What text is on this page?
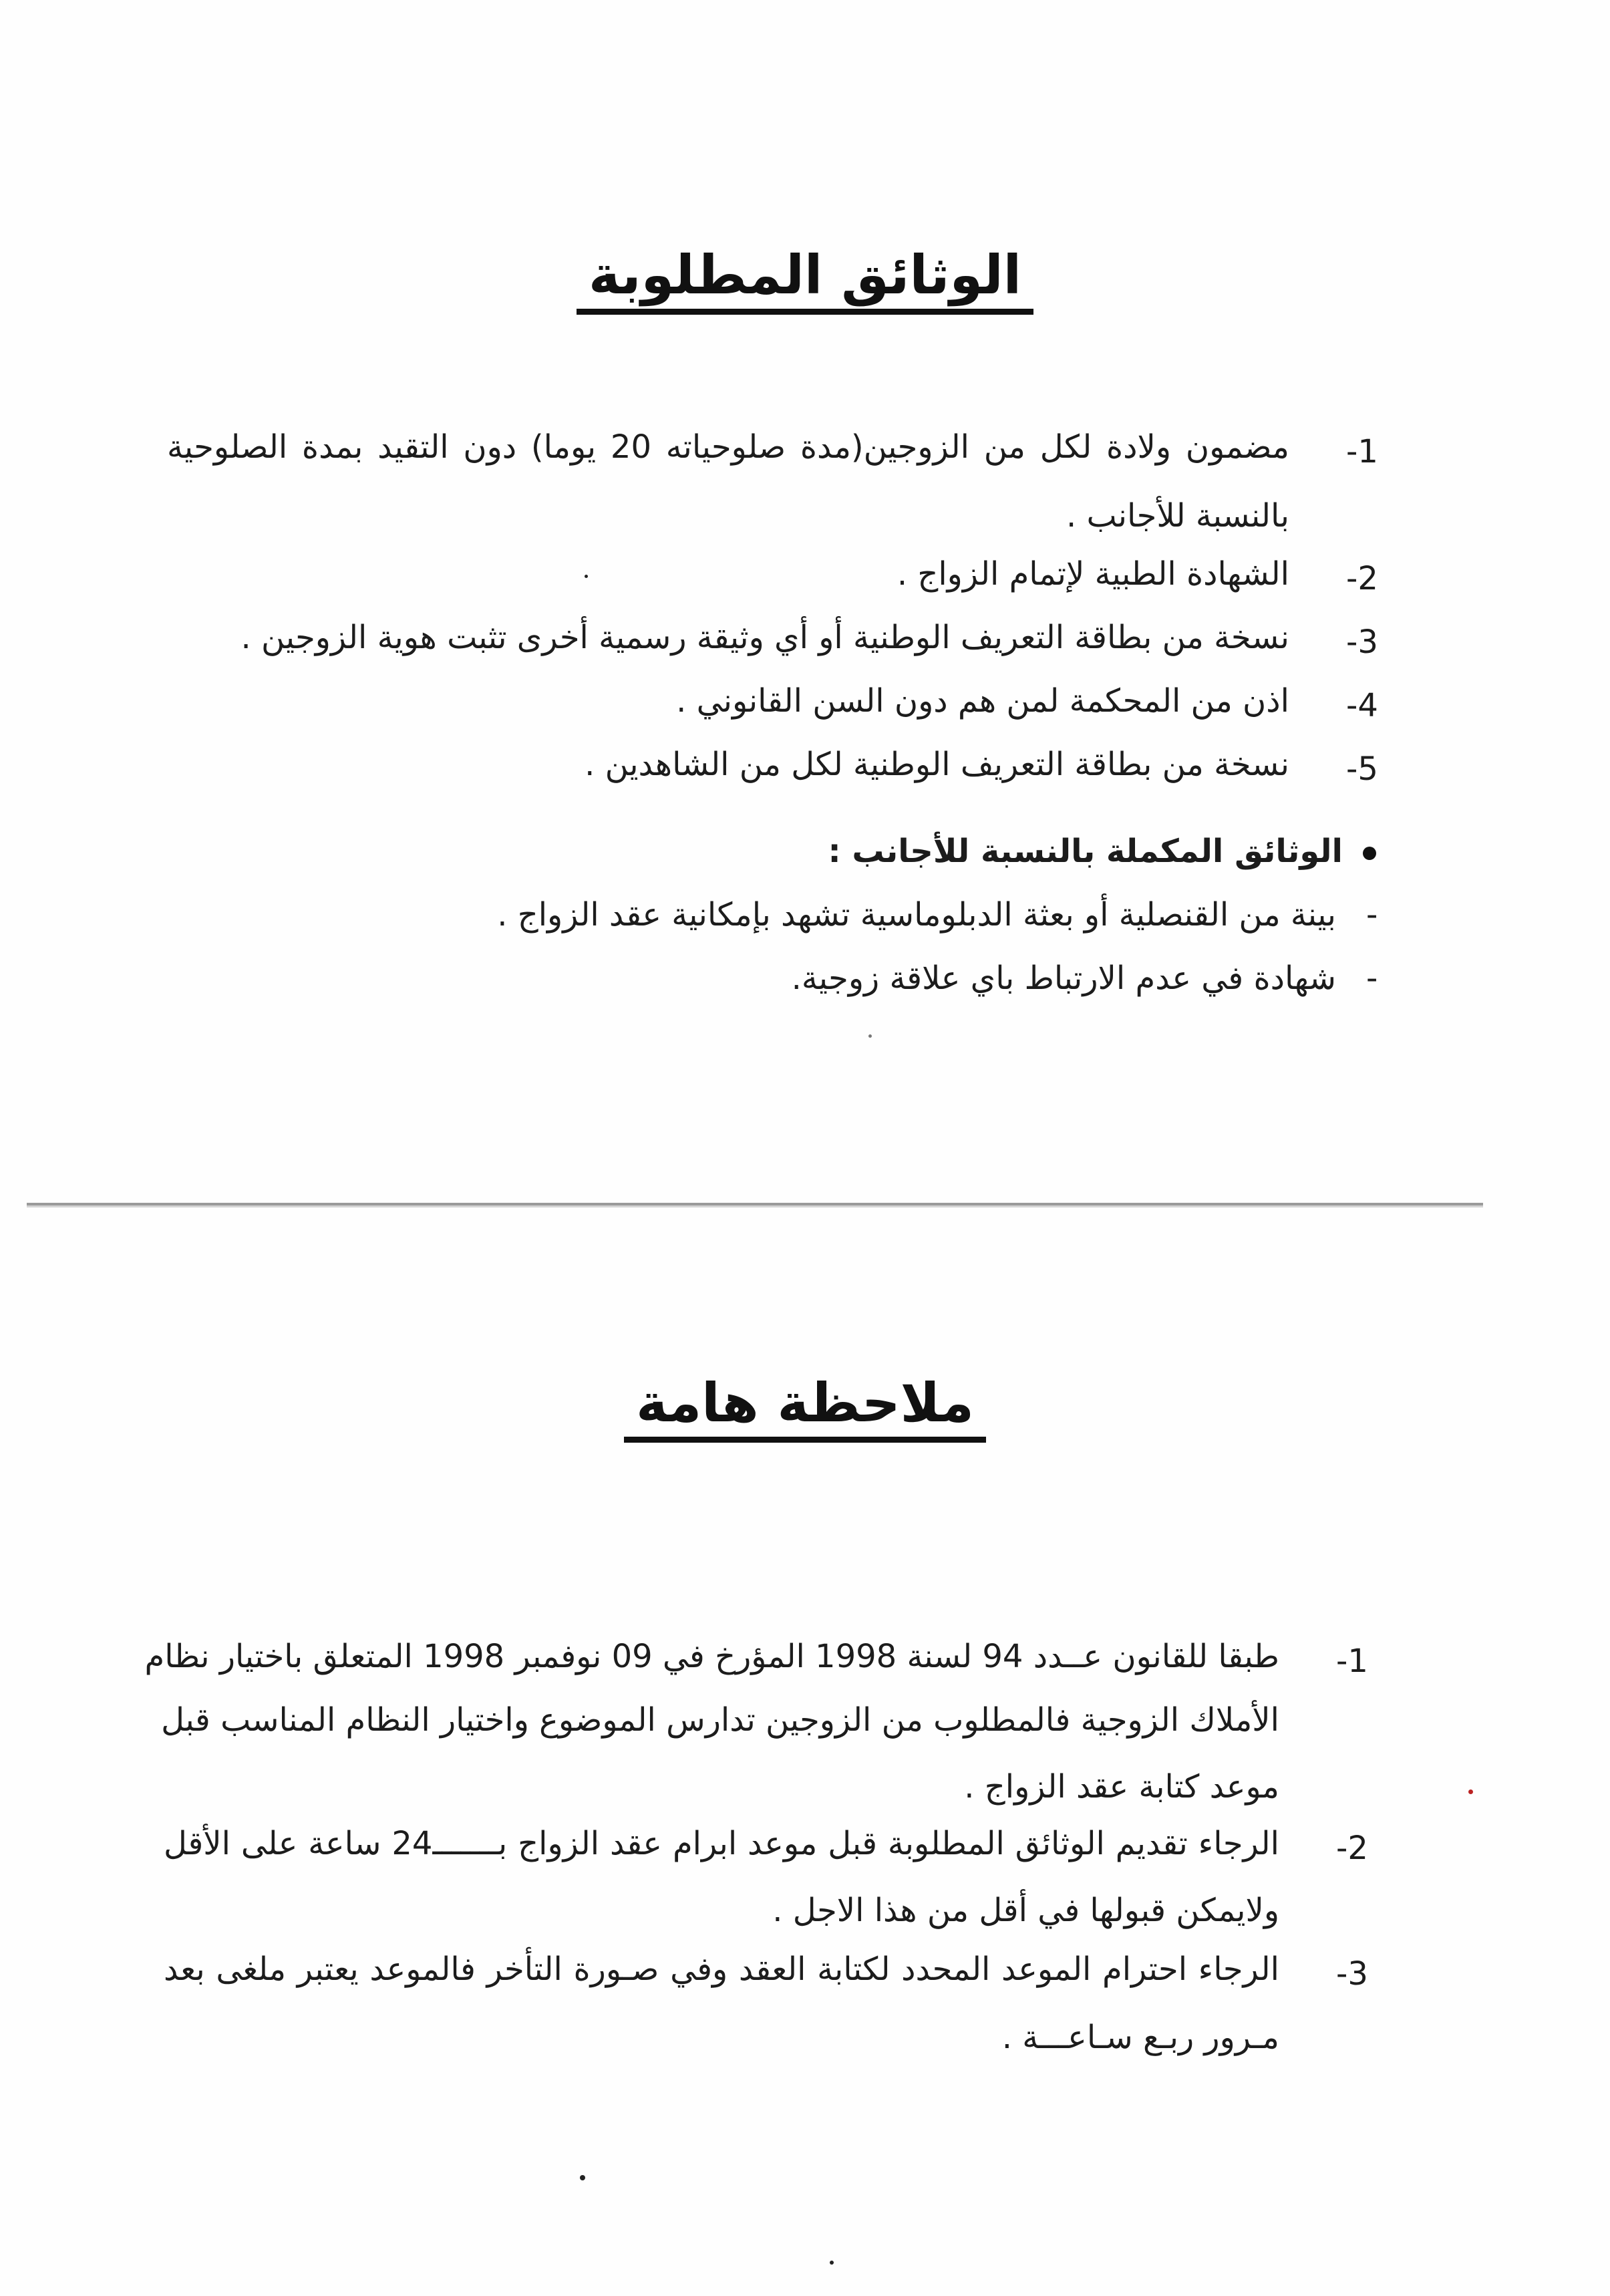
الوثائق المطلوبة
-1
مضمون ولادة لكل من الزوجين(مدة صلوحياته 20 يوما) دون التقيد بمدة الصلوحية
بالنسبة للأجانب .
-2
الشهادة الطبية لإتمام الزواج .
-3
نسخة من بطاقة التعريف الوطنية أو أي وثيقة رسمية أخرى تثبت هوية الزوجين .
-4
اذن من المحكمة لمن هم دون السن القانوني .
-5
نسخة من بطاقة التعريف الوطنية لكل من الشاهدين .
الوثائق المكملة بالنسبة للأجانب :
-
بينة من القنصلية أو بعثة الدبلوماسية تشهد بإمكانية عقد الزواج .
-
شهادة في عدم الارتباط باي علاقة زوجية.
ملاحظة هامة
-1
طبقا للقانون عــدد 94 لسنة 1998 المؤرخ في 09 نوفمبر 1998 المتعلق باختيار نظام
الأملاك الزوجية فالمطلوب من الزوجين تدارس الموضوع واختيار النظام المناسب قبل
موعد كتابة عقد الزواج .
-2
الرجاء تقديم الوثائق المطلوبة قبل موعد ابرام عقد الزواج بـــــــ24 ساعة على الأقل
ولايمكن قبولها في أقل من هذا الاجل .
-3
الرجاء احترام الموعد المحدد لكتابة العقد وفي صـورة التأخر فالموعد يعتبر ملغى بعد
مـرور ربـع سـاعـــة .
